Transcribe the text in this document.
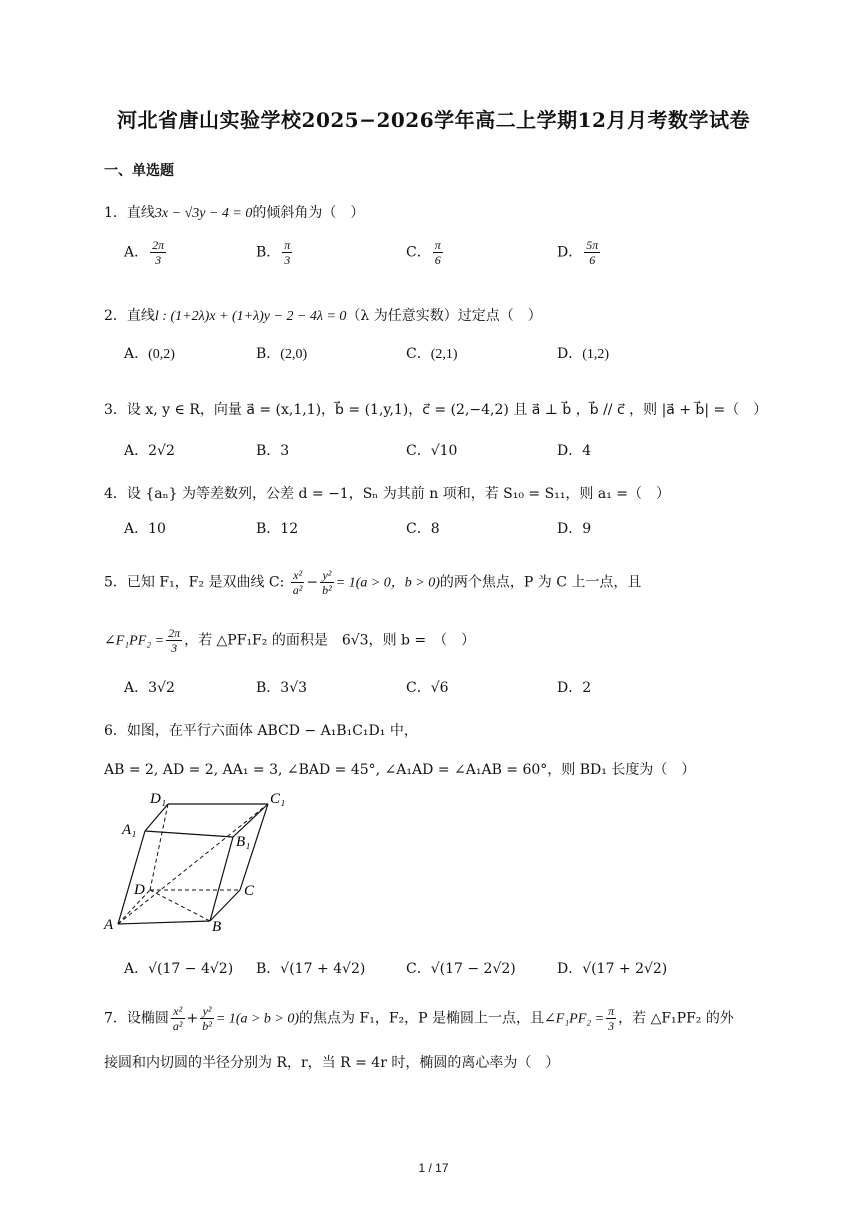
河北省唐山实验学校2025−2026学年高二上学期12月月考数学试卷
一、单选题
1．直线3x − √3y − 4 = 0的倾斜角为（　）
A． $\frac{2\pi}{3}$	B． $\frac{\pi}{3}$	C． $\frac{\pi}{6}$	D． $\frac{5\pi}{6}$
2．直线l : (1+2λ)x + (1+λ)y − 2 − 4λ = 0（λ 为任意实数）过定点（　）
A．(0,2)	B．(2,0)	C．(2,1)	D．(1,2)
3．设 x, y ∈ R，向量 a⃗ = (x,1,1)，b⃗ = (1,y,1)，c⃗ = (2,−4,2) 且 a⃗ ⊥ b⃗ ，b⃗ // c⃗ ，则 |a⃗ + b⃗| =（　）
A．2√2	B．3	C．√10	D．4
4．设 {aₙ} 为等差数列，公差 d = −1，Sₙ 为其前 n 项和，若 S₁₀ = S₁₁，则 a₁ =（　）
A．10	B．12	C．8	D．9
5．已知 F₁，F₂ 是双曲线 C: $\frac{\text{x²}}{\text{a²}} - \frac{\text{y²}}{\text{b²}} = 1(a > 0$，b > 0)的两个焦点，P 为 C 上一点，且
∠F₁PF₂ = $\frac{2\pi}{3}$ ，若 △PF₁F₂ 的面积是　6√3，则 b =　（　）
A．3√2	B．3√3	C．√6	D．2
6．如图，在平行六面体 ABCD − A₁B₁C₁D₁ 中，
AB = 2, AD = 2, AA₁ = 3, ∠BAD = 45°, ∠A₁AD = ∠A₁AB = 60°，则 BD₁ 长度为（　）
D₁	C₁
A₁
B₁
D	C
A	B
A．√(17 − 4√2) B．√(17 + 4√2)	C．√(17 − 2√2)	D．√(17 + 2√2)
7．设椭圆 $\frac{\text{x²}}{\text{a²}} + \frac{\text{y²}}{\text{b²}} = 1(a > b > 0)$的焦点为 F₁，F₂，P 是椭圆上一点，且∠F₁PF₂ = $\frac{\pi}{3}$ ，若 △F₁PF₂ 的外
接圆和内切圆的半径分别为 R，r，当 R = 4r 时，椭圆的离心率为（　）
1 / 17
